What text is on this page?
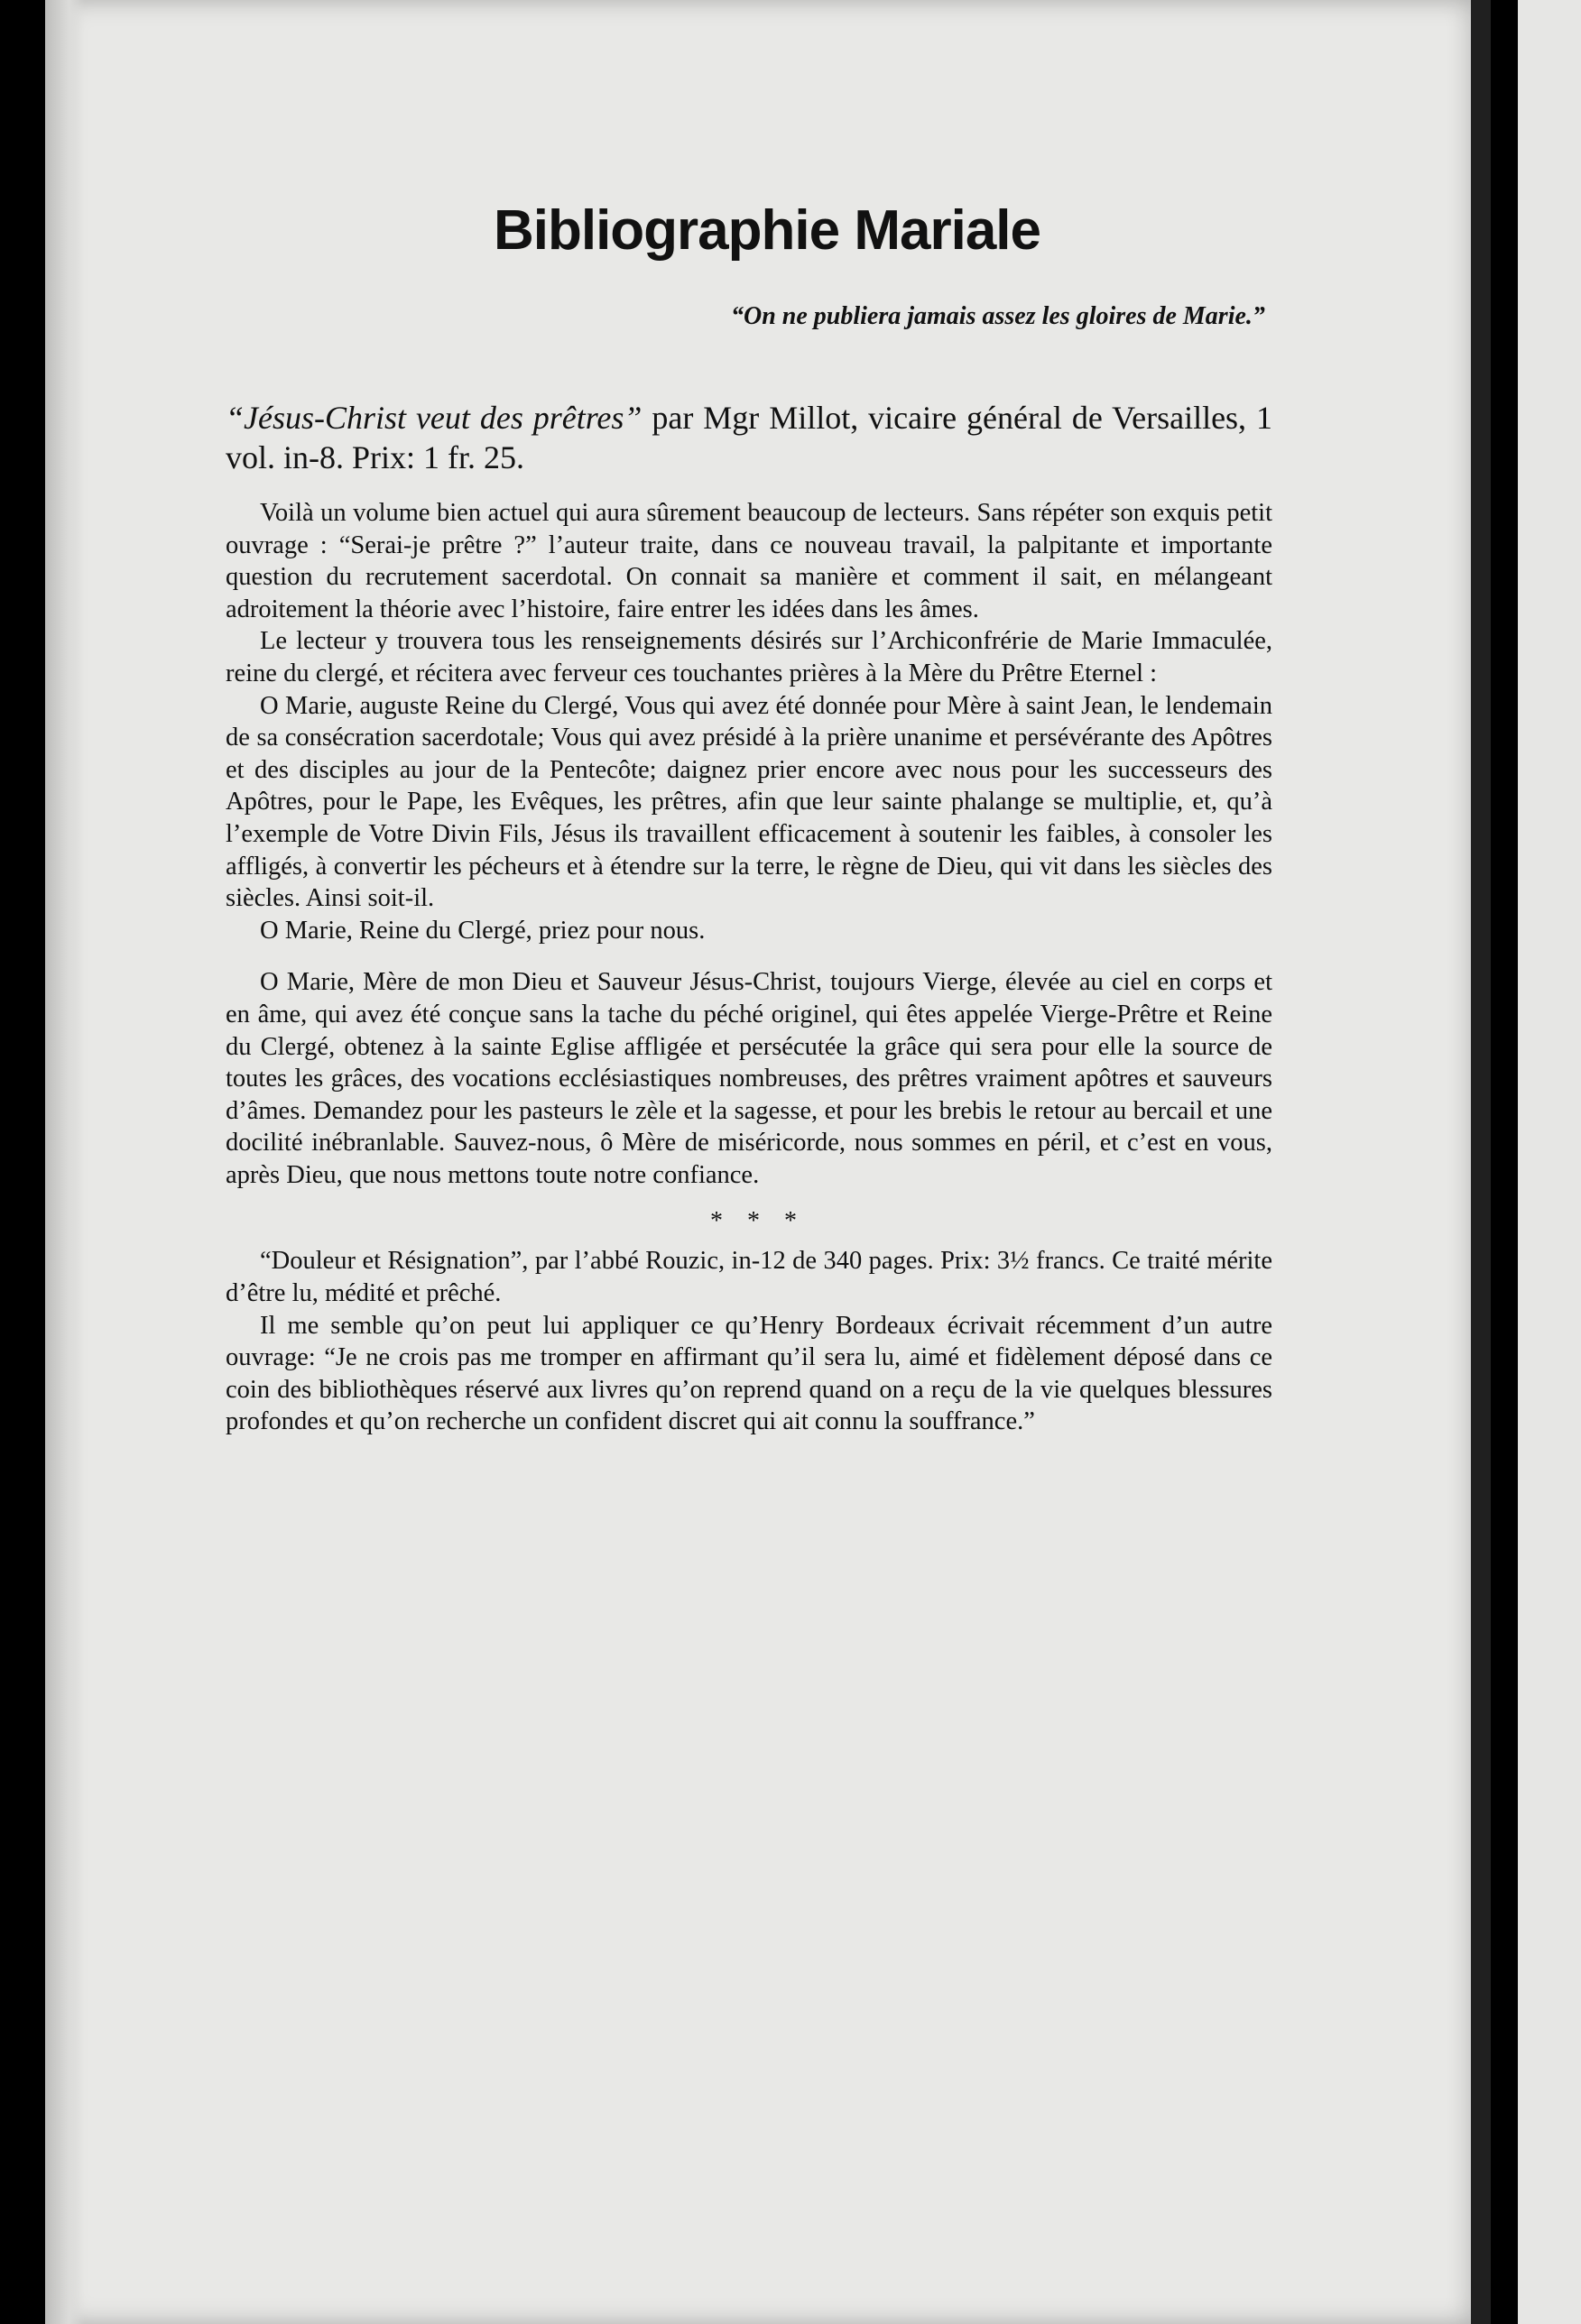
Bibliographie Mariale
“On ne publiera jamais assez les gloires de Marie.”
“Jésus-Christ veut des prêtres” par Mgr Millot, vicaire général de Versailles, 1 vol. in-8. Prix: 1 fr. 25.

Voilà un volume bien actuel qui aura sûrement beaucoup de lecteurs. Sans répéter son exquis petit ouvrage : “Serai-je prêtre ?” l’auteur traite, dans ce nouveau travail, la palpitante et importante question du recrutement sacerdotal. On connait sa manière et comment il sait, en mélangeant adroitement la théorie avec l’histoire, faire entrer les idées dans les âmes.

Le lecteur y trouvera tous les renseignements désirés sur l’Archiconfrérie de Marie Immaculée, reine du clergé, et récitera avec ferveur ces touchantes prières à la Mère du Prêtre Eternel :

O Marie, auguste Reine du Clergé, Vous qui avez été donnée pour Mère à saint Jean, le lendemain de sa consécration sacerdotale; Vous qui avez présidé à la prière unanime et persévérante des Apôtres et des disciples au jour de la Pentecôte; daignez prier encore avec nous pour les successeurs des Apôtres, pour le Pape, les Evêques, les prêtres, afin que leur sainte phalange se multiplie, et, qu’à l’exemple de Votre Divin Fils, Jésus ils travaillent efficacement à soutenir les faibles, à consoler les affligés, à convertir les pécheurs et à étendre sur la terre, le règne de Dieu, qui vit dans les siècles des siècles. Ainsi soit-il.

O Marie, Reine du Clergé, priez pour nous.

O Marie, Mère de mon Dieu et Sauveur Jésus-Christ, toujours Vierge, élevée au ciel en corps et en âme, qui avez été conçue sans la tache du péché originel, qui êtes appelée Vierge-Prêtre et Reine du Clergé, obtenez à la sainte Eglise affligée et persécutée la grâce qui sera pour elle la source de toutes les grâces, des vocations ecclésiastiques nombreuses, des prêtres vraiment apôtres et sauveurs d’âmes. Demandez pour les pasteurs le zèle et la sagesse, et pour les brebis le retour au bercail et une docilité inébranlable. Sauvez-nous, ô Mère de miséricorde, nous sommes en péril, et c’est en vous, après Dieu, que nous mettons toute notre confiance.

* * *

“Douleur et Résignation”, par l’abbé Rouzic, in-12 de 340 pages. Prix: 3½ francs. Ce traité mérite d’être lu, médité et prêché.

Il me semble qu’on peut lui appliquer ce qu’Henry Bordeaux écrivait récemment d’un autre ouvrage: “Je ne crois pas me tromper en affirmant qu’il sera lu, aimé et fidèlement déposé dans ce coin des bibliothèques réservé aux livres qu’on reprend quand on a reçu de la vie quelques blessures profondes et qu’on recherche un confident discret qui ait connu la souffrance.”
